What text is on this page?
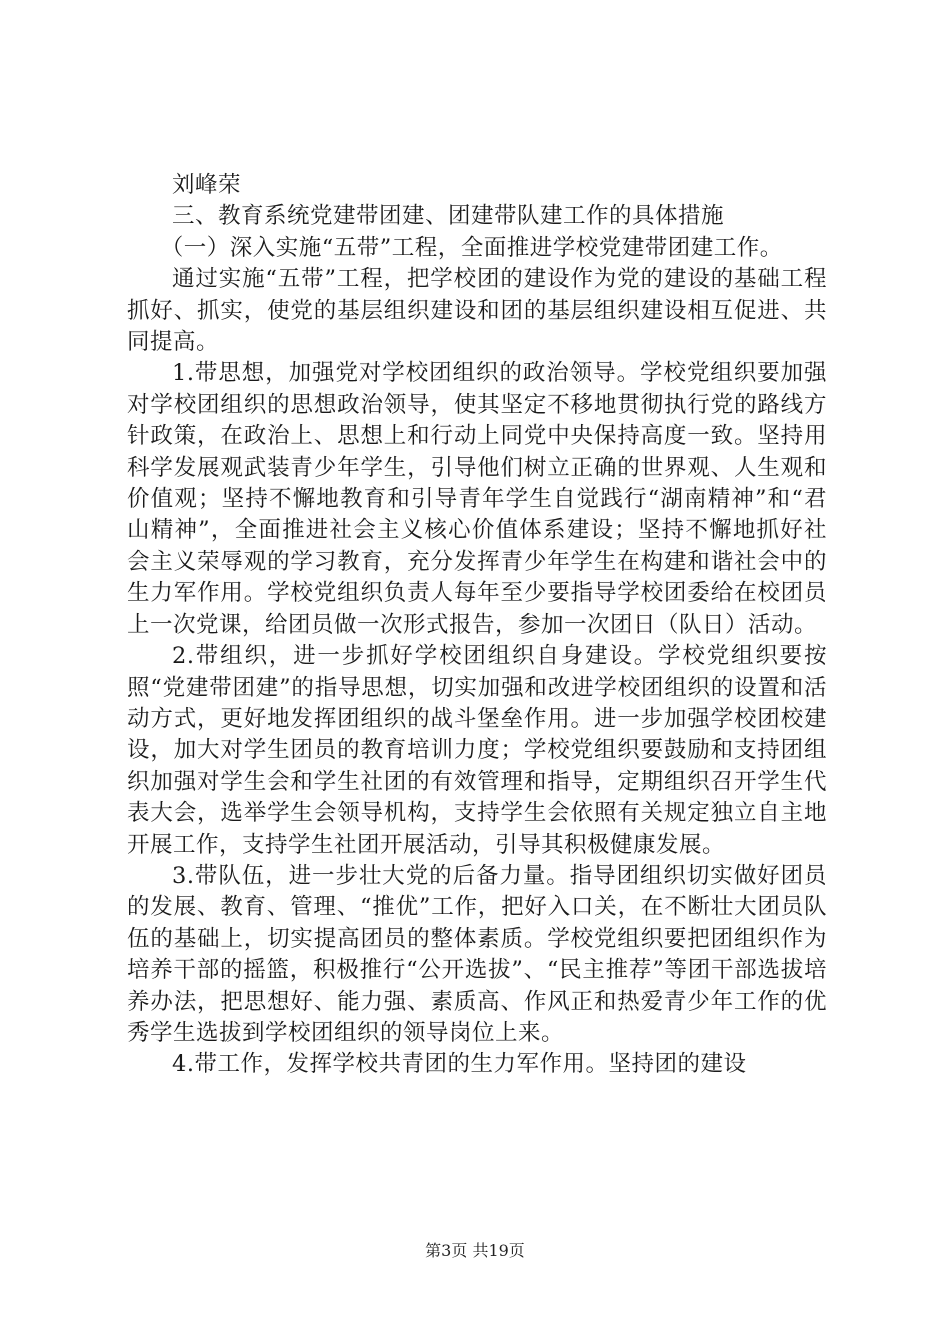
刘峰荣

三、教育系统党建带团建、团建带队建工作的具体措施

（一）深入实施“五带”工程，全面推进学校党建带团建工作。

通过实施“五带”工程，把学校团的建设作为党的建设的基础工程抓好、抓实，使党的基层组织建设和团的基层组织建设相互促进、共同提高。

1.带思想，加强党对学校团组织的政治领导。学校党组织要加强对学校团组织的思想政治领导，使其坚定不移地贯彻执行党的路线方针政策，在政治上、思想上和行动上同党中央保持高度一致。坚持用科学发展观武装青少年学生，引导他们树立正确的世界观、人生观和价值观；坚持不懈地教育和引导青年学生自觉践行“湖南精神”和“君山精神”，全面推进社会主义核心价值体系建设；坚持不懈地抓好社会主义荣辱观的学习教育，充分发挥青少年学生在构建和谐社会中的生力军作用。学校党组织负责人每年至少要指导学校团委给在校团员上一次党课，给团员做一次形式报告，参加一次团日（队日）活动。

2.带组织，进一步抓好学校团组织自身建设。学校党组织要按照“党建带团建”的指导思想，切实加强和改进学校团组织的设置和活动方式，更好地发挥团组织的战斗堡垒作用。进一步加强学校团校建设，加大对学生团员的教育培训力度；学校党组织要鼓励和支持团组织加强对学生会和学生社团的有效管理和指导，定期组织召开学生代表大会，选举学生会领导机构，支持学生会依照有关规定独立自主地开展工作，支持学生社团开展活动，引导其积极健康发展。

3.带队伍，进一步壮大党的后备力量。指导团组织切实做好团员的发展、教育、管理、“推优”工作，把好入口关，在不断壮大团员队伍的基础上，切实提高团员的整体素质。学校党组织要把团组织作为培养干部的摇篮，积极推行“公开选拔”、“民主推荐”等团干部选拔培养办法，把思想好、能力强、素质高、作风正和热爱青少年工作的优秀学生选拔到学校团组织的领导岗位上来。

4.带工作，发挥学校共青团的生力军作用。坚持团的建设

第3页 共19页
